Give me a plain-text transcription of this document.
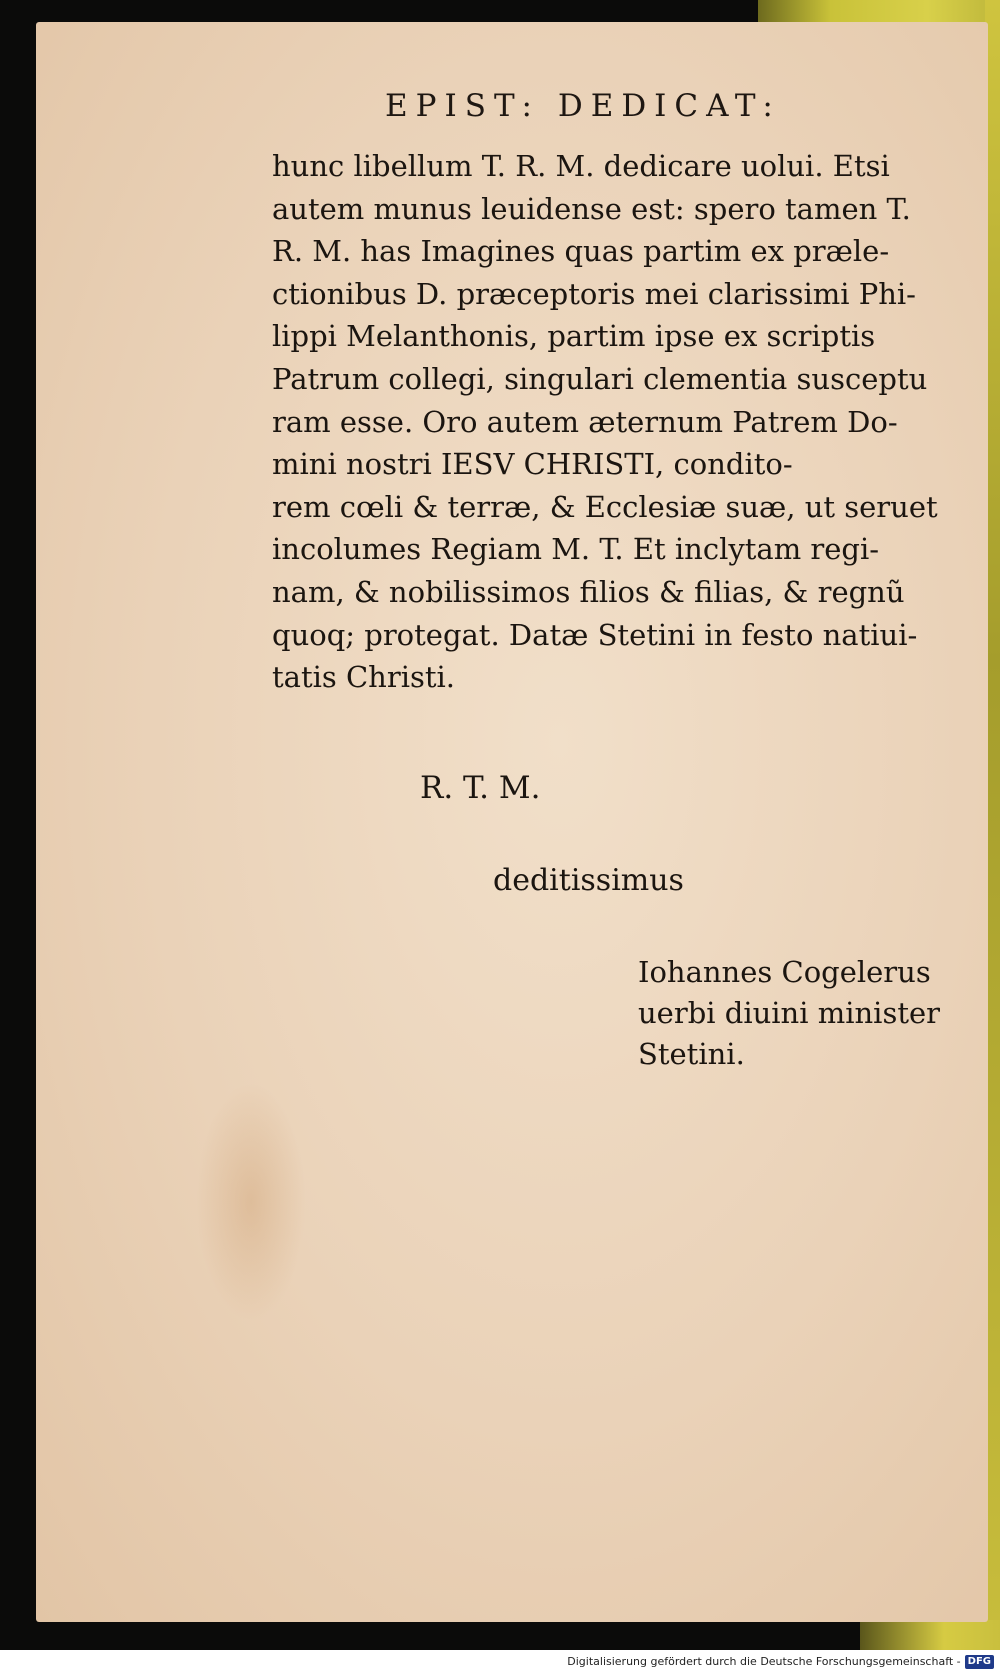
EPIST: DEDICAT:
hunc libellum T. R. M. dedicare uolui. Etsi
autem munus leuidense est: spero tamen T.
R. M. has Imagines quas partim ex præle-
ctionibus D. præceptoris mei clarissimi Phi-
lippi Melanthonis, partim ipse ex scriptis
Patrum collegi, singulari clementia susceptu
ram esse. Oro autem æternum Patrem Do-
mini nostri IESV CHRISTI, condito-
rem cœli & terræ, & Ecclesiæ suæ, ut seruet
incolumes Regiam M. T. Et inclytam regi-
nam, & nobilissimos filios & filias, & regnũ
quoq; protegat. Datæ Stetini in festo natiui-
tatis Christi.
R. T. M.
deditissimus
Iohannes Cogelerus
uerbi diuini minister
Stetini.
Digitalisierung gefördert durch die Deutsche Forschungsgemeinschaft - DFG
